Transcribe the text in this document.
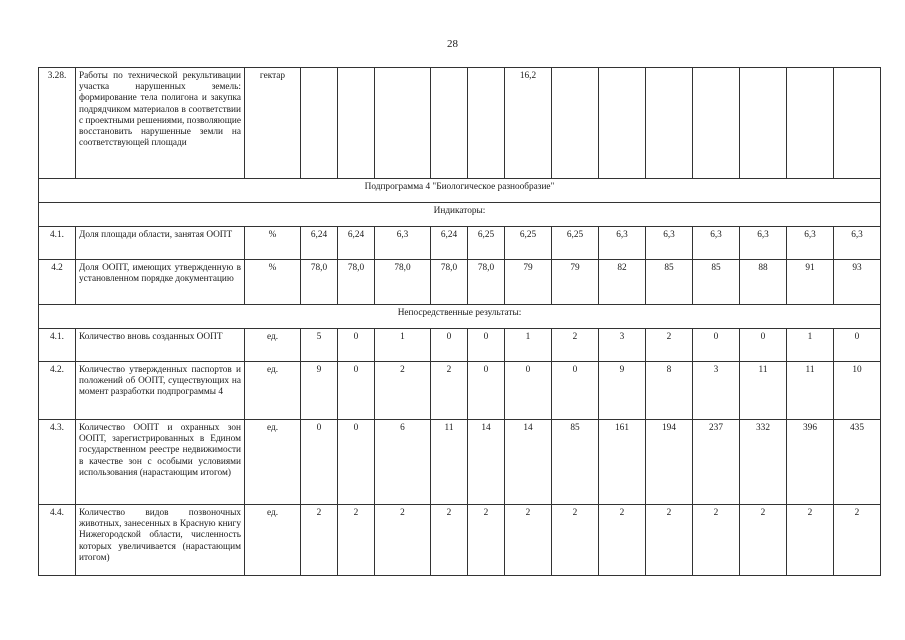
28
3.28.	Работы по технической рекультивации участка нарушенных земель: формирование тела полигона и закупка подрядчиком материалов в соответствии с проектными решениями, позволяющие восстановить нарушенные земли на соответствующей площади	гектар						16,2							
Подпрограмма 4 "Биологическое разнообразие"															
Индикаторы:															
4.1.	Доля площади области, занятая ООПТ	%	6,24	6,24	6,3	6,24	6,25	6,25	6,25	6,3	6,3	6,3	6,3	6,3	6,3
4.2	Доля ООПТ, имеющих утвержденную в установленном порядке документацию	%	78,0	78,0	78,0	78,0	78,0	79	79	82	85	85	88	91	93
Непосредственные результаты:															
4.1.	Количество вновь созданных ООПТ	ед.	5	0	1	0	0	1	2	3	2	0	0	1	0
4.2.	Количество утвержденных паспортов и положений об ООПТ, существующих на момент разработки подпрограммы 4	ед.	9	0	2	2	0	0	0	9	8	3	11	11	10
4.3.	Количество ООПТ и охранных зон ООПТ, зарегистрированных в Едином государственном реестре недвижимости в качестве зон с особыми условиями использования (нарастающим итогом)	ед.	0	0	6	11	14	14	85	161	194	237	332	396	435
4.4.	Количество видов позвоночных животных, занесенных в Красную книгу Нижегородской области, численность которых увеличивается (нарастающим итогом)	ед.	2	2	2	2	2	2	2	2	2	2	2	2	2
